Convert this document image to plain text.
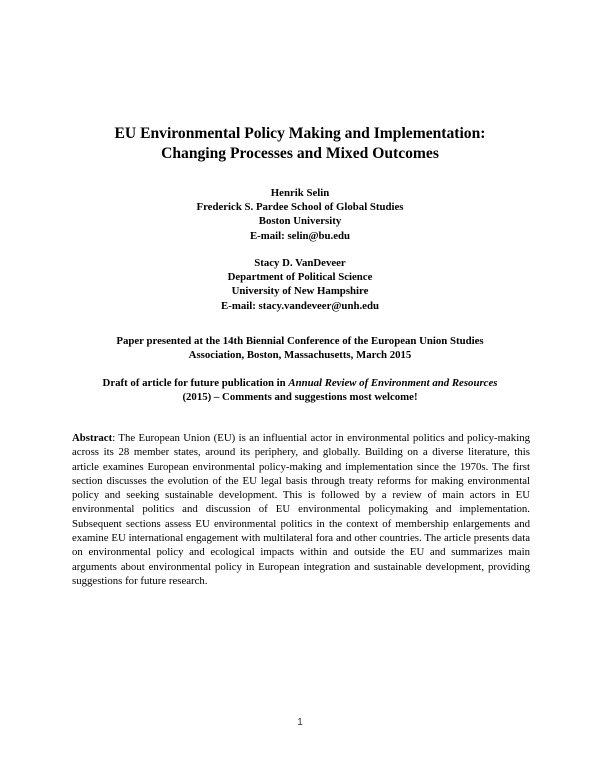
EU Environmental Policy Making and Implementation:
Changing Processes and Mixed Outcomes
Henrik Selin
Frederick S. Pardee School of Global Studies
Boston University
E-mail: selin@bu.edu
Stacy D. VanDeveer
Department of Political Science
University of New Hampshire
E-mail: stacy.vandeveer@unh.edu
Paper presented at the 14th Biennial Conference of the European Union Studies
Association, Boston, Massachusetts, March 2015
Draft of article for future publication in Annual Review of Environment and Resources
(2015) – Comments and suggestions most welcome!
Abstract: The European Union (EU) is an influential actor in environmental politics and policy-making across its 28 member states, around its periphery, and globally. Building on a diverse literature, this article examines European environmental policy-making and implementation since the 1970s. The first section discusses the evolution of the EU legal basis through treaty reforms for making environmental policy and seeking sustainable development. This is followed by a review of main actors in EU environmental politics and discussion of EU environmental policymaking and implementation. Subsequent sections assess EU environmental politics in the context of membership enlargements and examine EU international engagement with multilateral fora and other countries. The article presents data on environmental policy and ecological impacts within and outside the EU and summarizes main arguments about environmental policy in European integration and sustainable development, providing suggestions for future research.
1
